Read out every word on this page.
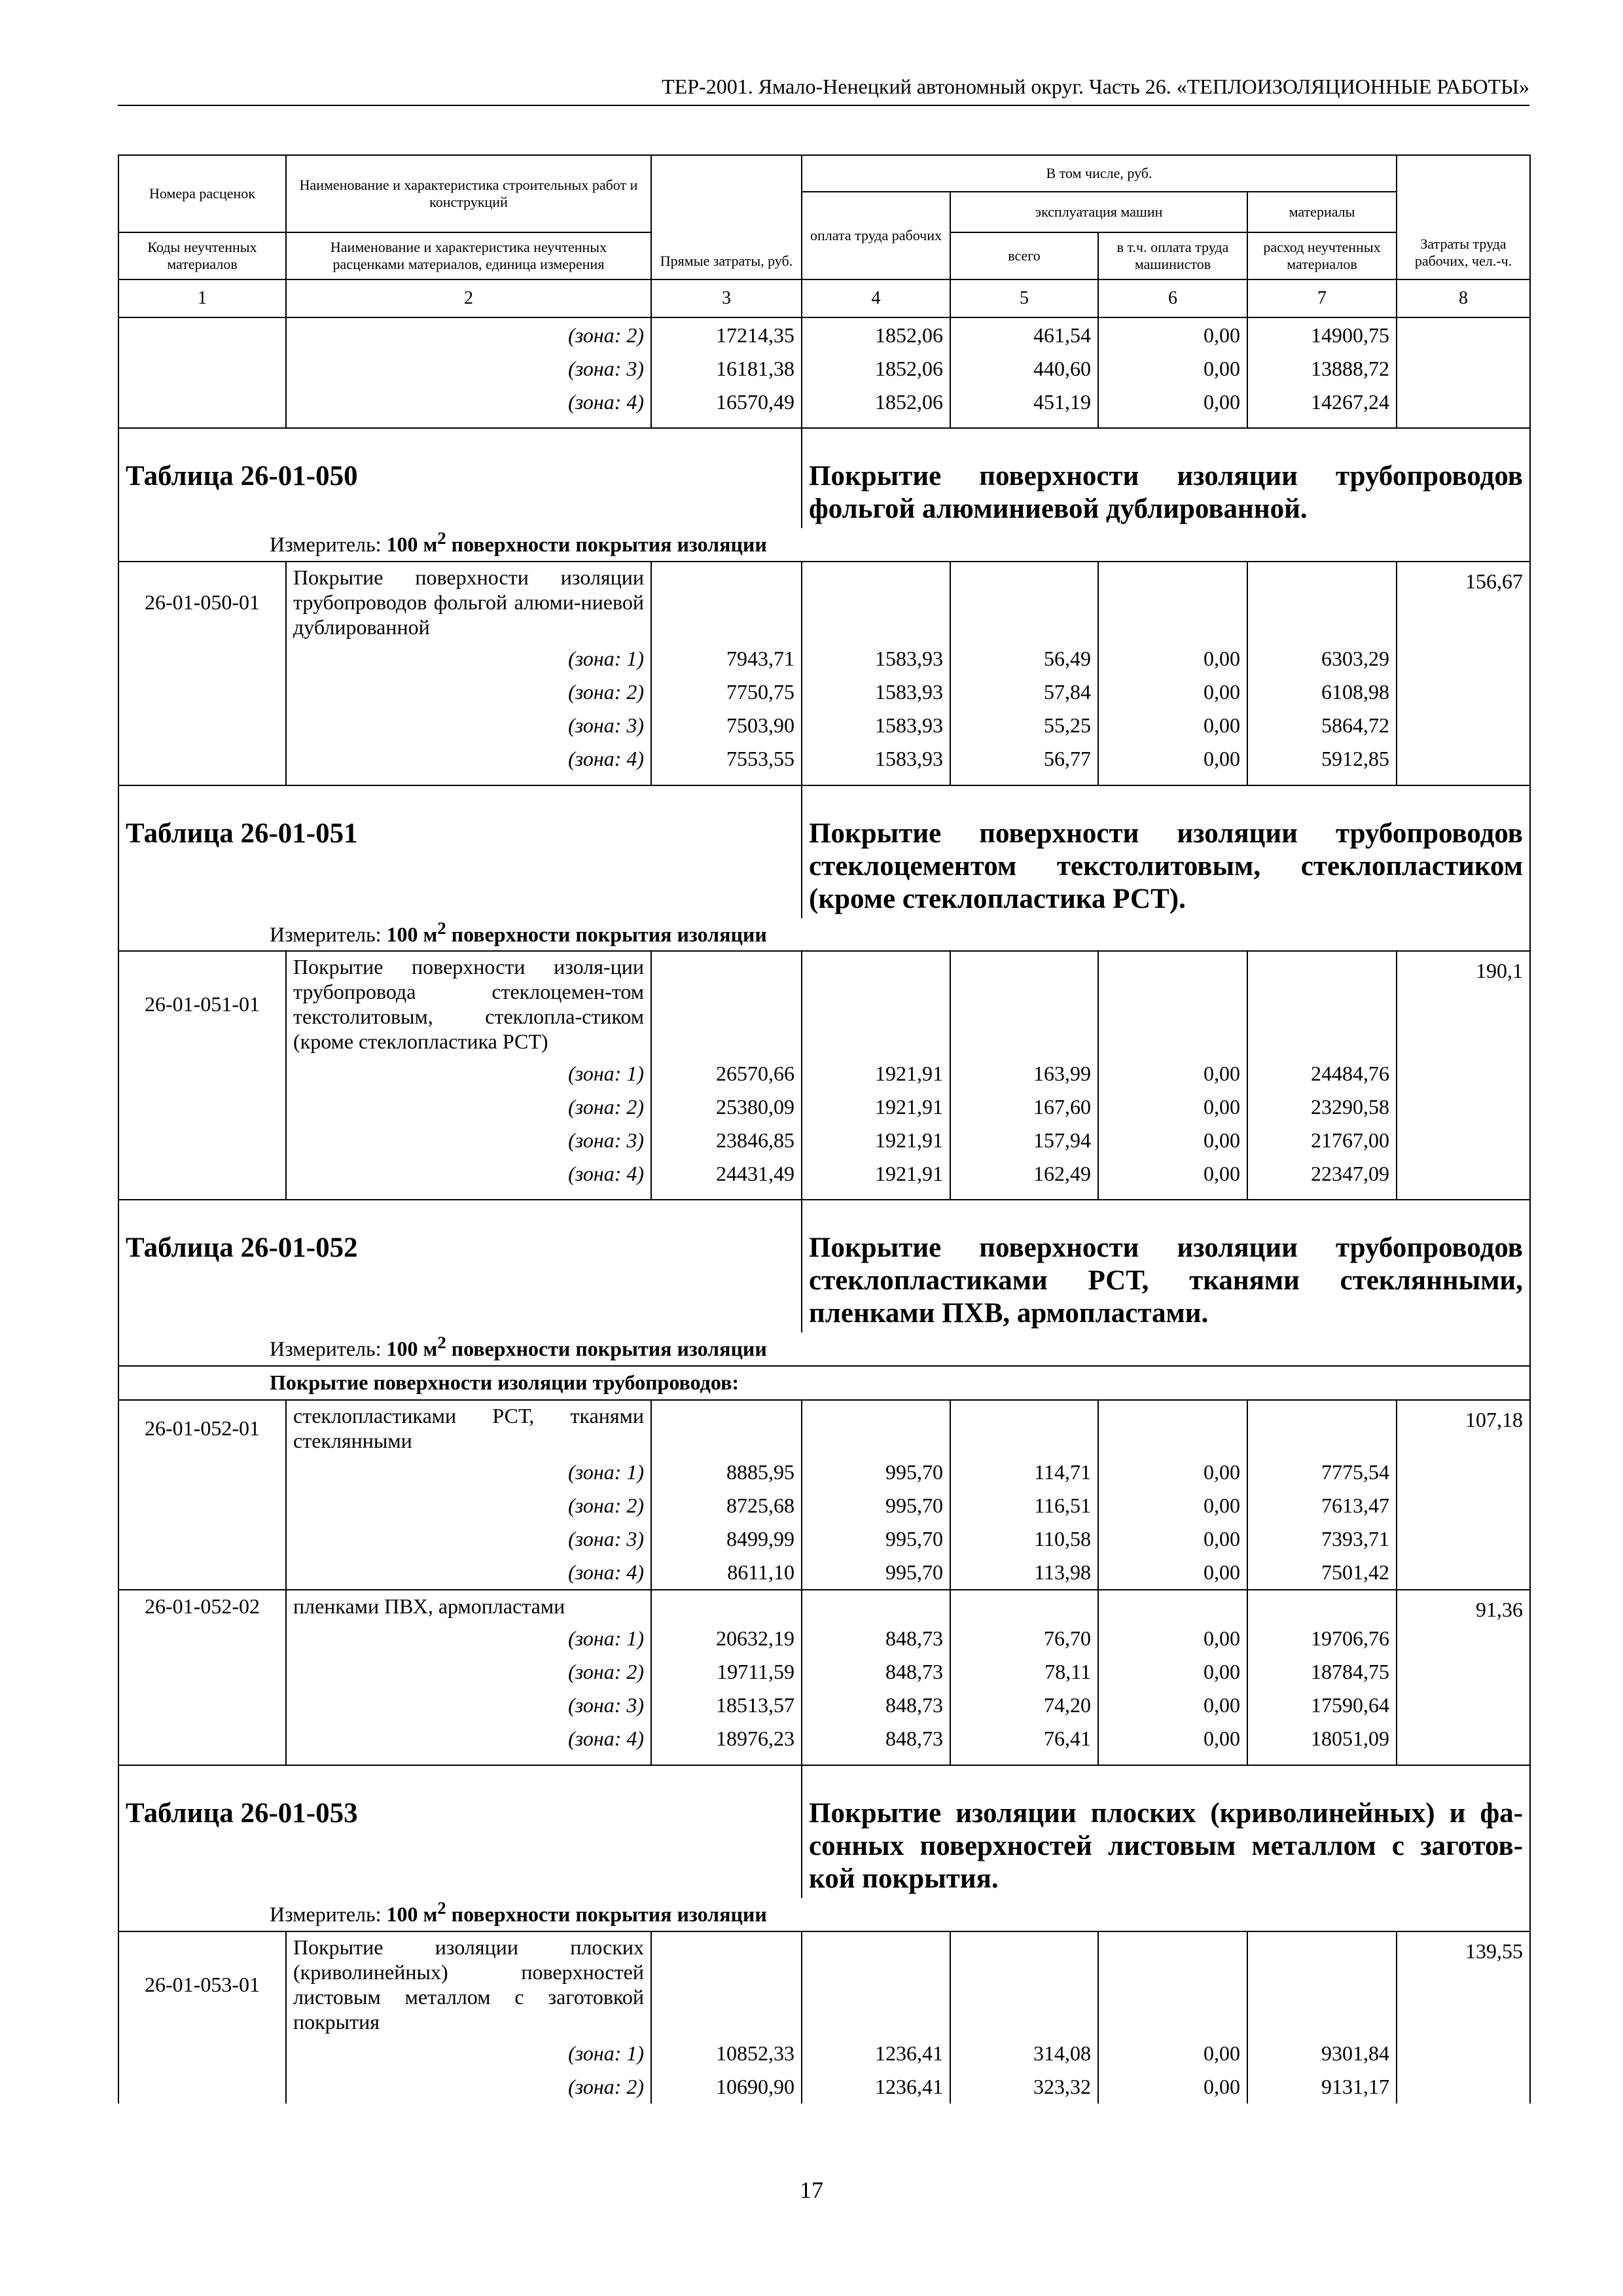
ТЕР-2001. Ямало-Ненецкий автономный округ. Часть 26. «ТЕПЛОИЗОЛЯЦИОННЫЕ РАБОТЫ»
Номера расценок	Наименование и характеристика строительных работ и конструкций	Прямые затраты, руб.	В том числе, руб.				Затраты труда рабочих, чел.-ч.
			оплата труда рабочих	эксплуатация машин		материалы	
Коды неучтенных материалов	Наименование и характеристика неучтенных расценками материалов, единица измерения			всего	в т.ч. оплата труда машинистов	расход неучтенных материалов	
1	2	3	4	5	6	7	8
	(зона: 2)	17214,35	1852,06	461,54	0,00	14900,75	
	(зона: 3)	16181,38	1852,06	440,60	0,00	13888,72	
	(зона: 4)	16570,49	1852,06	451,19	0,00	14267,24	

Таблица 26-01-050			Покрытие поверхности изоляции трубопроводов фольгой алюминиевой дублированной.				
Измеритель: 100 $м^2$ поверхности покрытия изоляции							
26-01-050-01	Покрытие поверхности изоляции трубопроводов фольгой алюми-ниевой дублированной						156,67
	(зона: 1)	7943,71	1583,93	56,49	0,00	6303,29	
	(зона: 2)	7750,75	1583,93	57,84	0,00	6108,98	
	(зона: 3)	7503,90	1583,93	55,25	0,00	5864,72	
	(зона: 4)	7553,55	1583,93	56,77	0,00	5912,85	

Таблица 26-01-051			Покрытие поверхности изоляции трубопроводов стеклоцементом текстолитовым, стеклопластиком (кроме стеклопластика РСТ).				
Измеритель: 100 $м^2$ поверхности покрытия изоляции							
26-01-051-01	Покрытие поверхности изоля-ции трубопровода стеклоцемен-том текстолитовым, стеклопла-стиком (кроме стеклопластика РСТ)						190,1
	(зона: 1)	26570,66	1921,91	163,99	0,00	24484,76	
	(зона: 2)	25380,09	1921,91	167,60	0,00	23290,58	
	(зона: 3)	23846,85	1921,91	157,94	0,00	21767,00	
	(зона: 4)	24431,49	1921,91	162,49	0,00	22347,09	

Таблица 26-01-052			Покрытие поверхности изоляции трубопроводов стеклопластиками РСТ, тканями стеклянными, пленками ПХВ, армопластами.				
Измеритель: 100 $м^2$ поверхности покрытия изоляции							
Покрытие поверхности изоляции трубопроводов:							
26-01-052-01	стеклопластиками РСТ, тканями стеклянными						107,18
	(зона: 1)	8885,95	995,70	114,71	0,00	7775,54	
	(зона: 2)	8725,68	995,70	116,51	0,00	7613,47	
	(зона: 3)	8499,99	995,70	110,58	0,00	7393,71	
	(зона: 4)	8611,10	995,70	113,98	0,00	7501,42	
26-01-052-02	пленками ПВХ, армопластами						91,36
	(зона: 1)	20632,19	848,73	76,70	0,00	19706,76	
	(зона: 2)	19711,59	848,73	78,11	0,00	18784,75	
	(зона: 3)	18513,57	848,73	74,20	0,00	17590,64	
	(зона: 4)	18976,23	848,73	76,41	0,00	18051,09	

Таблица 26-01-053			Покрытие изоляции плоских (криволинейных) и фа-сонных поверхностей листовым металлом с заготов-кой покрытия.				
Измеритель: 100 $м^2$ поверхности покрытия изоляции							
26-01-053-01	Покрытие изоляции плоских (криволинейных) поверхностей листовым металлом с заготовкой покрытия						139,55
	(зона: 1)	10852,33	1236,41	314,08	0,00	9301,84	
	(зона: 2)	10690,90	1236,41	323,32	0,00	9131,17	
17
